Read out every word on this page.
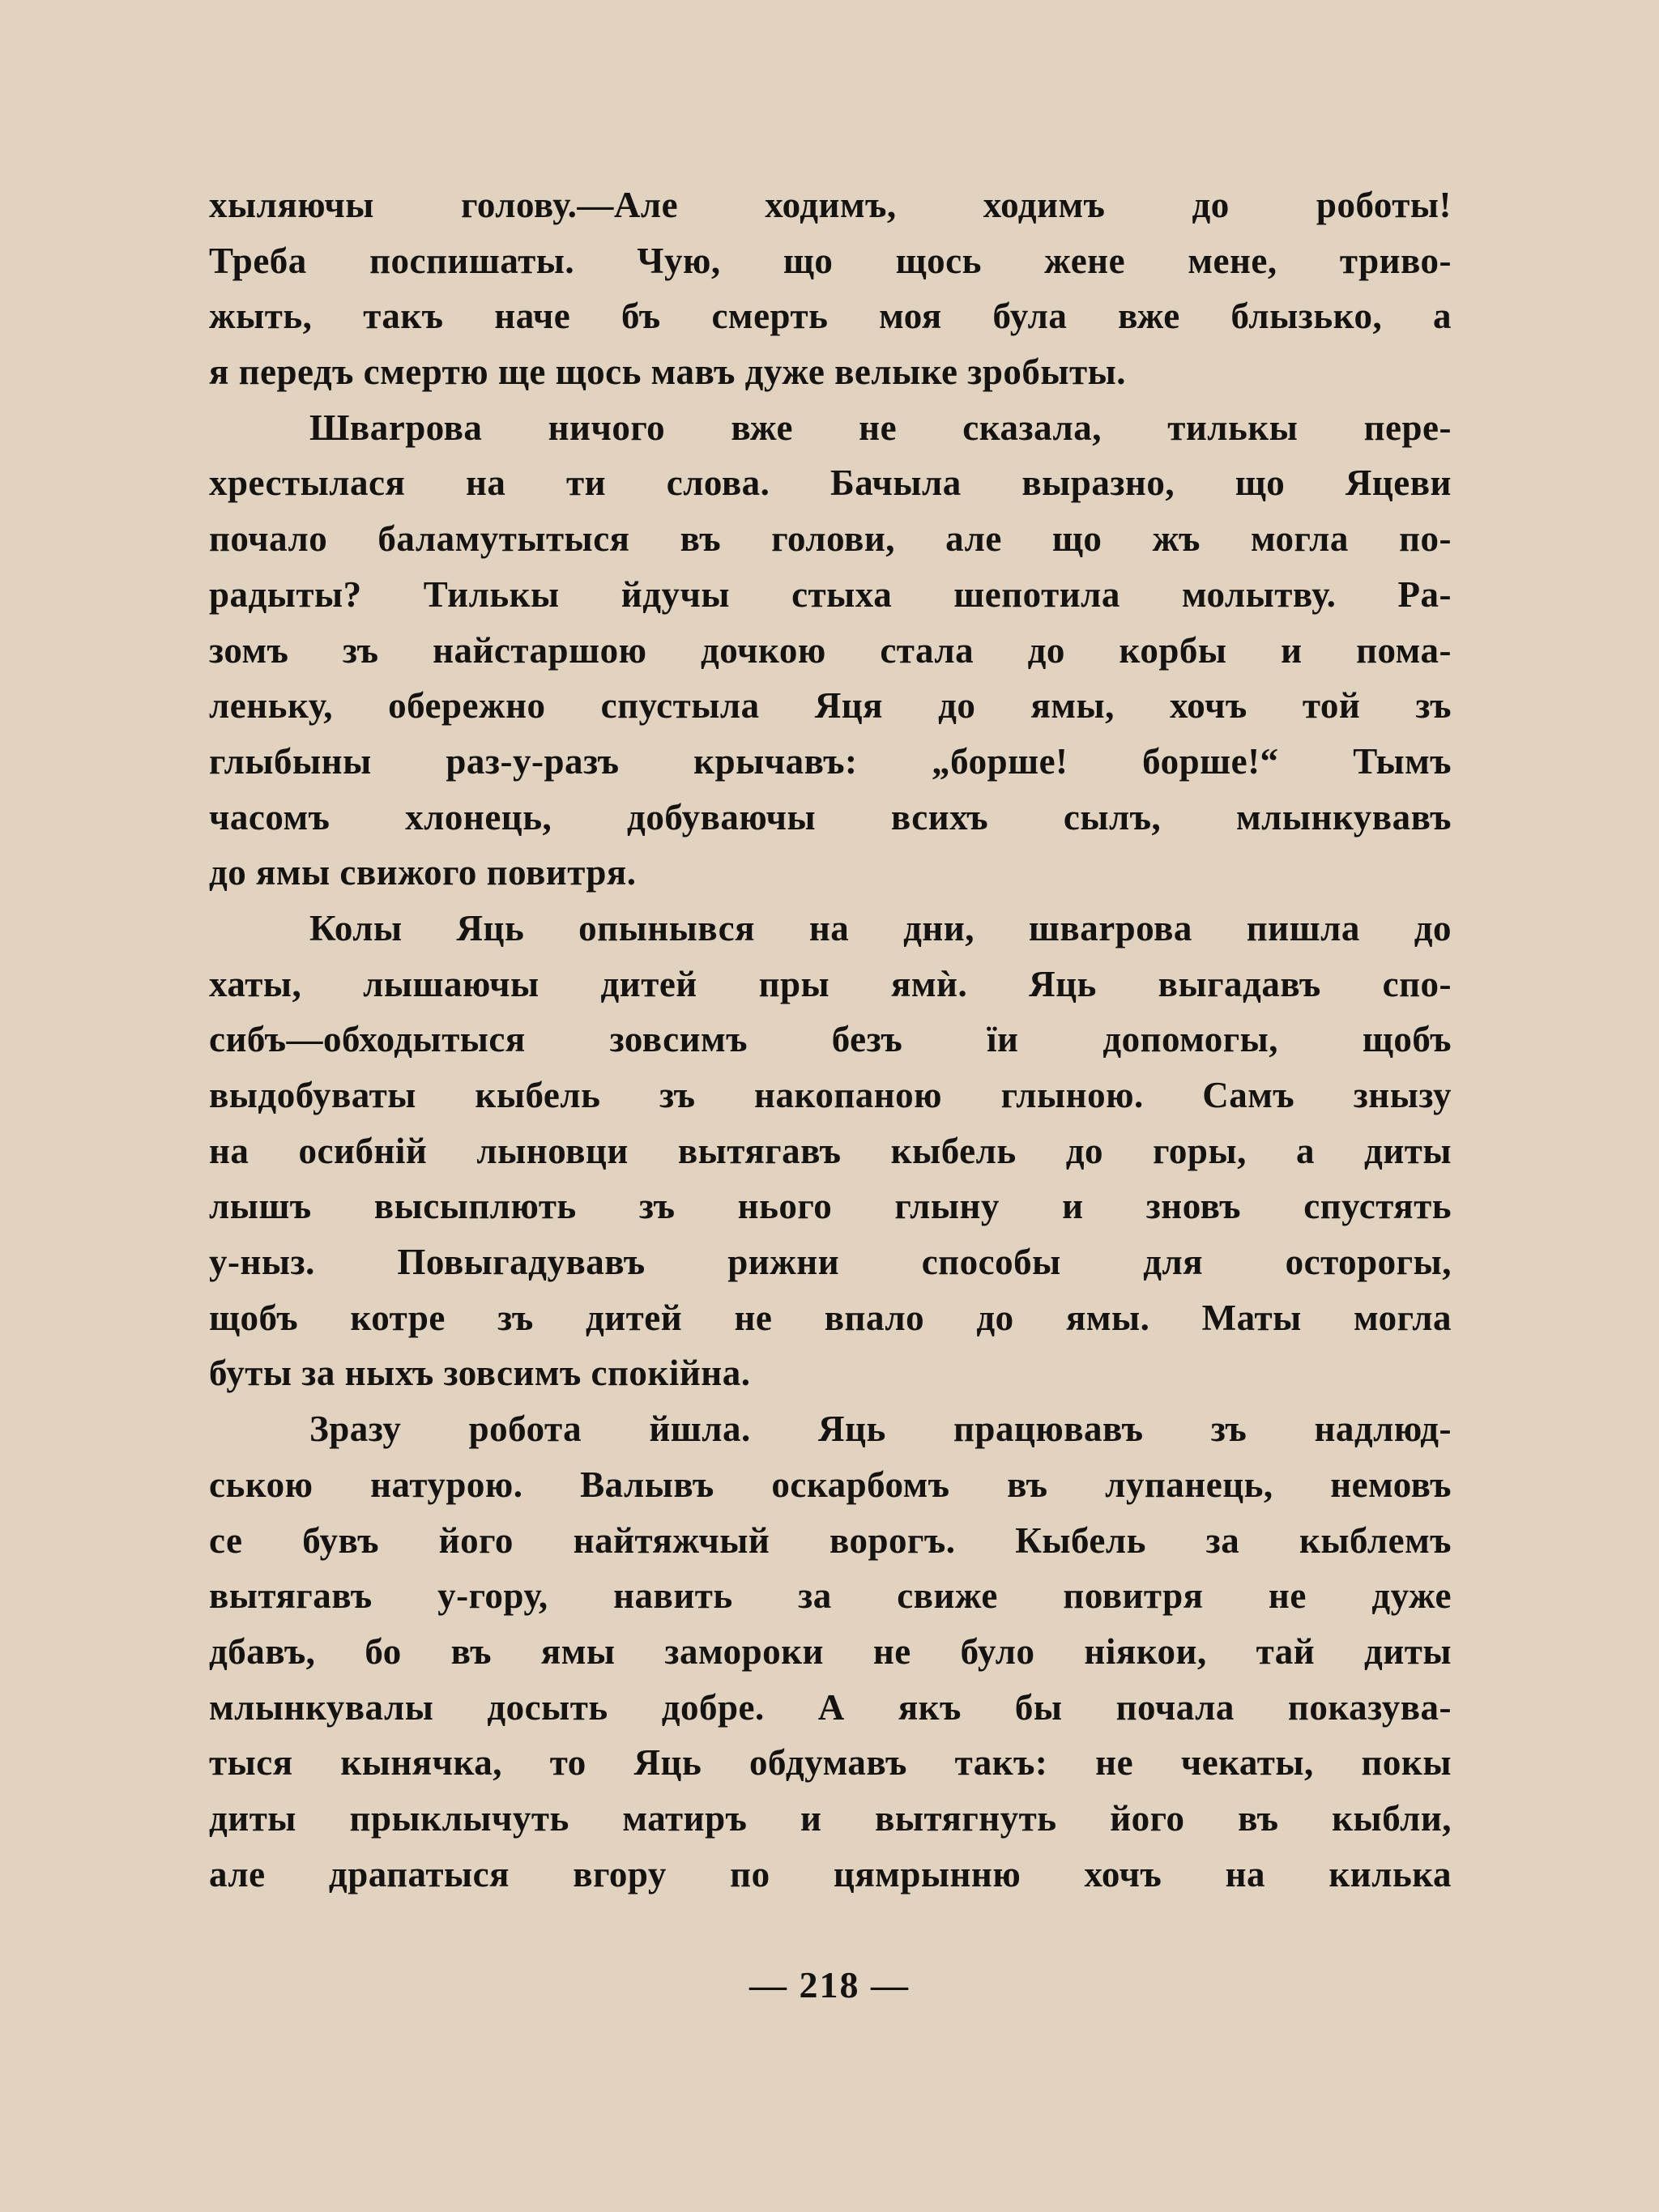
хыляючы голову.—Але ходимъ, ходимъ до роботы!
Треба поспишаты. Чую, що щось жене мене, триво-
жыть, такъ наче бъ смерть моя була вже блызько, а
я передъ смертю ще щось мавъ дуже велыке зробыты.
Шваrрова ничого вже не сказала, тилькы пере-
хрестылася на ти слова. Бачыла выразно, що Яцеви
почало баламутытыся въ голови, але що жъ могла по-
радыты? Тилькы йдучы стыха шепотила молытву. Ра-
зомъ зъ найстаршою дочкою стала до корбы и пома-
леньку, обережно спустыла Яця до ямы, хочъ той зъ
глыбыны раз-у-разъ крычавъ: „борше! борше!“ Тымъ
часомъ хлонець, добуваючы всихъ сылъ, млынкувавъ
до ямы свижого повитря.
Колы Яць опынывся на дни, шваrрова пишла до
хаты, лышаючы дитей пры ямѝ. Яць выгадавъ спо-
сибъ—обходытыся зовсимъ безъ ïи допомогы, щобъ
выдобуваты кыбель зъ накопаною глыною. Самъ знызу
на осибній лыновци вытягавъ кыбель до горы, а диты
лышъ высыплють зъ нього глыну и зновъ спустять
у-ныз. Повыгадувавъ рижни способы для осторогы,
щобъ котре зъ дитей не впало до ямы. Маты могла
буты за ныхъ зовсимъ спокійна.
Зразу робота йшла. Яць працювавъ зъ надлюд-
ською натурою. Валывъ оскарбомъ въ лупанець, немовъ
се бувъ його найтяжчый ворогъ. Кыбель за кыблемъ
вытягавъ у-гору, навить за свиже повитря не дуже
дбавъ, бо въ ямы замороки не було ніякои, тай диты
млынкувалы досыть добре. А якъ бы почала показува-
тыся кынячка, то Яць обдумавъ такъ: не чекаты, покы
диты прыклычуть матиръ и вытягнуть його въ кыбли,
але драпатыся вгору по цямрынню хочъ на килька
— 218 —
